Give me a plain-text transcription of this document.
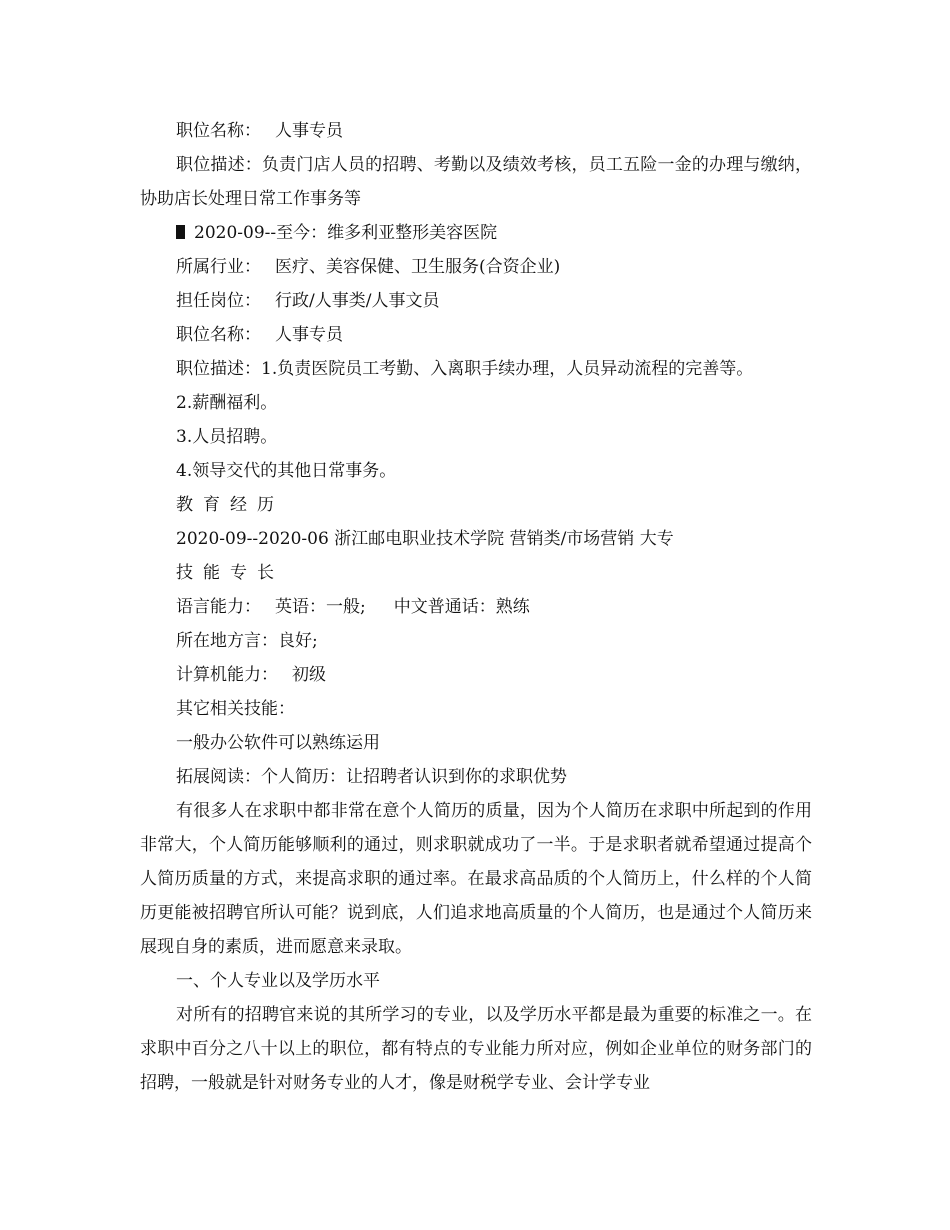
职位名称： 人事专员
职位描述：负责门店人员的招聘、考勤以及绩效考核，员工五险一金的办理与缴纳，协助店长处理日常工作事务等
2020-09--至今：维多利亚整形美容医院
所属行业： 医疗、美容保健、卫生服务(合资企业)
担任岗位： 行政/人事类/人事文员
职位名称： 人事专员
职位描述：1.负责医院员工考勤、入离职手续办理，人员异动流程的完善等。
2.薪酬福利。
3.人员招聘。
4.领导交代的其他日常事务。
教育经历
2020-09--2020-06 浙江邮电职业技术学院 营销类/市场营销 大专
技能专长
语言能力： 英语：一般; 中文普通话：熟练
所在地方言：良好;
计算机能力： 初级
其它相关技能：
一般办公软件可以熟练运用
拓展阅读：个人简历：让招聘者认识到你的求职优势
有很多人在求职中都非常在意个人简历的质量，因为个人简历在求职中所起到的作用非常大，个人简历能够顺利的通过，则求职就成功了一半。于是求职者就希望通过提高个人简历质量的方式，来提高求职的通过率。在最求高品质的个人简历上，什么样的个人简历更能被招聘官所认可能？说到底，人们追求地高质量的个人简历，也是通过个人简历来展现自身的素质，进而愿意来录取。
一、个人专业以及学历水平
对所有的招聘官来说的其所学习的专业，以及学历水平都是最为重要的标准之一。在求职中百分之八十以上的职位，都有特点的专业能力所对应，例如企业单位的财务部门的招聘，一般就是针对财务专业的人才，像是财税学专业、会计学专业
